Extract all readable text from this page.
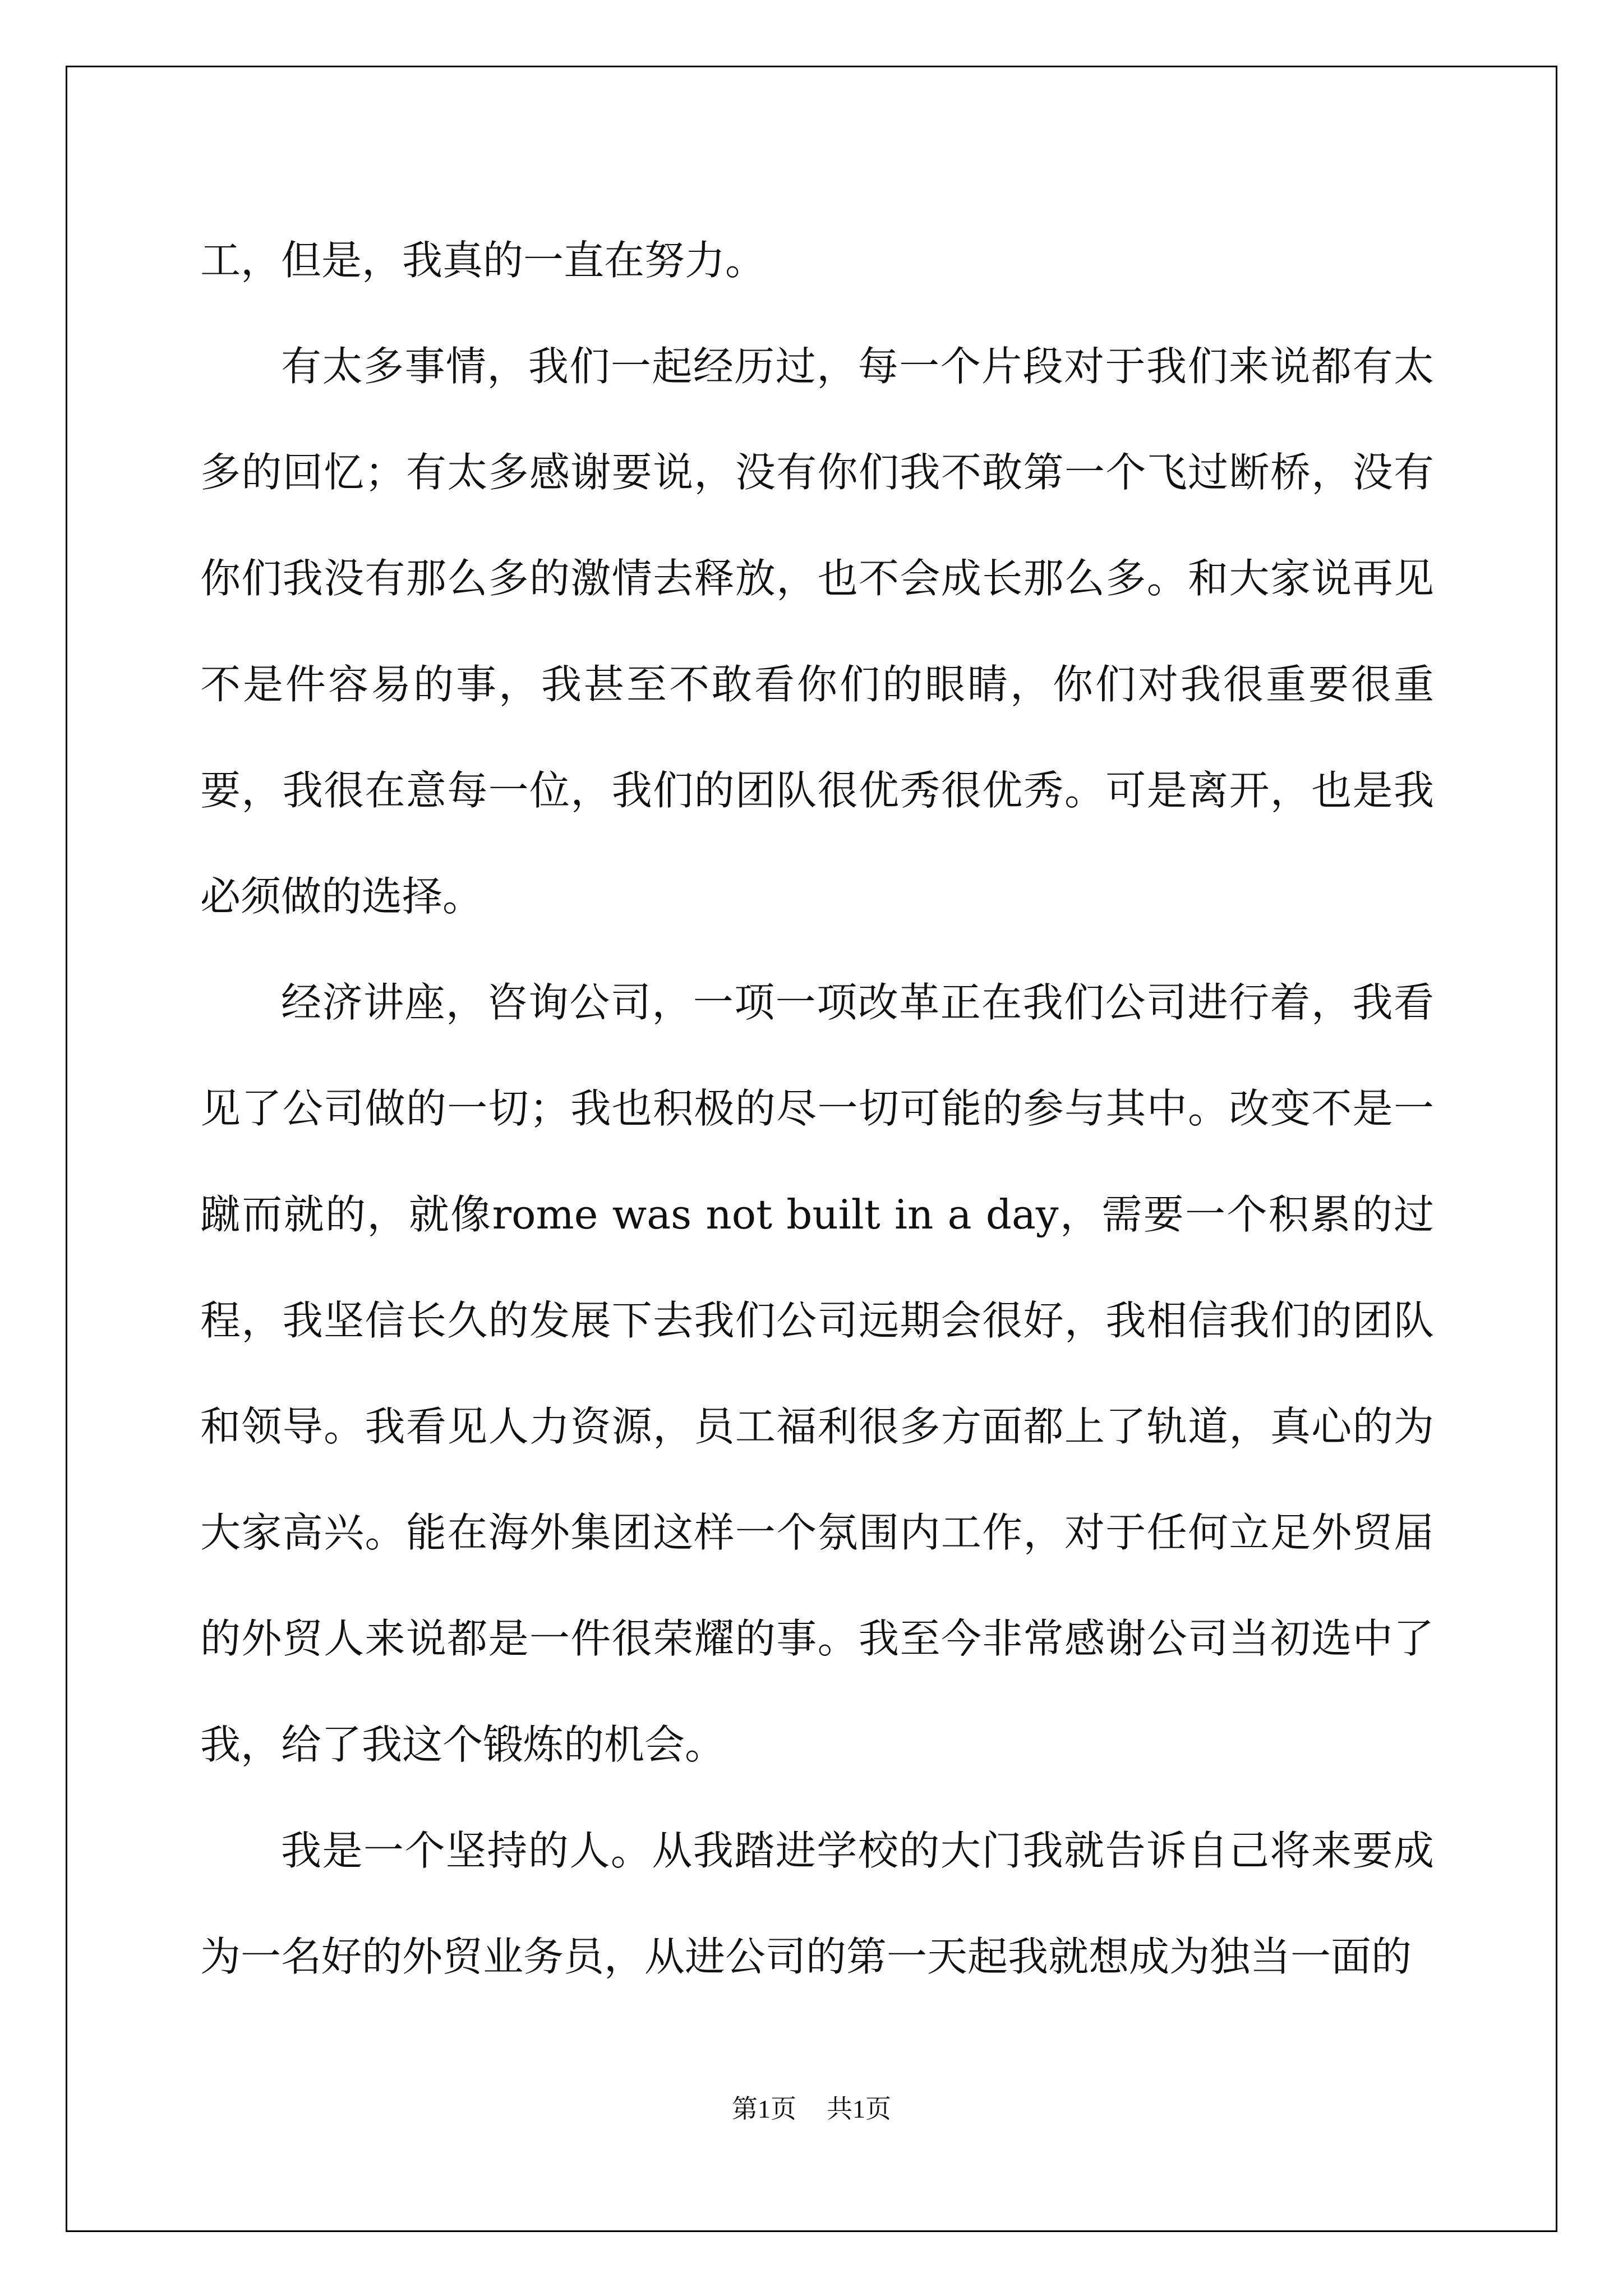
工，但是，我真的一直在努力。

有太多事情，我们一起经历过，每一个片段对于我们来说都有太多的回忆；有太多感谢要说，没有你们我不敢第一个飞过断桥，没有你们我没有那么多的激情去释放，也不会成长那么多。和大家说再见不是件容易的事，我甚至不敢看你们的眼睛，你们对我很重要很重要，我很在意每一位，我们的团队很优秀很优秀。可是离开，也是我必须做的选择。

经济讲座，咨询公司，一项一项改革正在我们公司进行着，我看见了公司做的一切；我也积极的尽一切可能的参与其中。改变不是一蹴而就的，就像rome was not built in a day，需要一个积累的过程，我坚信长久的发展下去我们公司远期会很好，我相信我们的团队和领导。我看见人力资源，员工福利很多方面都上了轨道，真心的为大家高兴。能在海外集团这样一个氛围内工作，对于任何立足外贸届的外贸人来说都是一件很荣耀的事。我至今非常感谢公司当初选中了我，给了我这个锻炼的机会。

我是一个坚持的人。从我踏进学校的大门我就告诉自己将来要成为一名好的外贸业务员，从进公司的第一天起我就想成为独当一面的

第1页 共1页
